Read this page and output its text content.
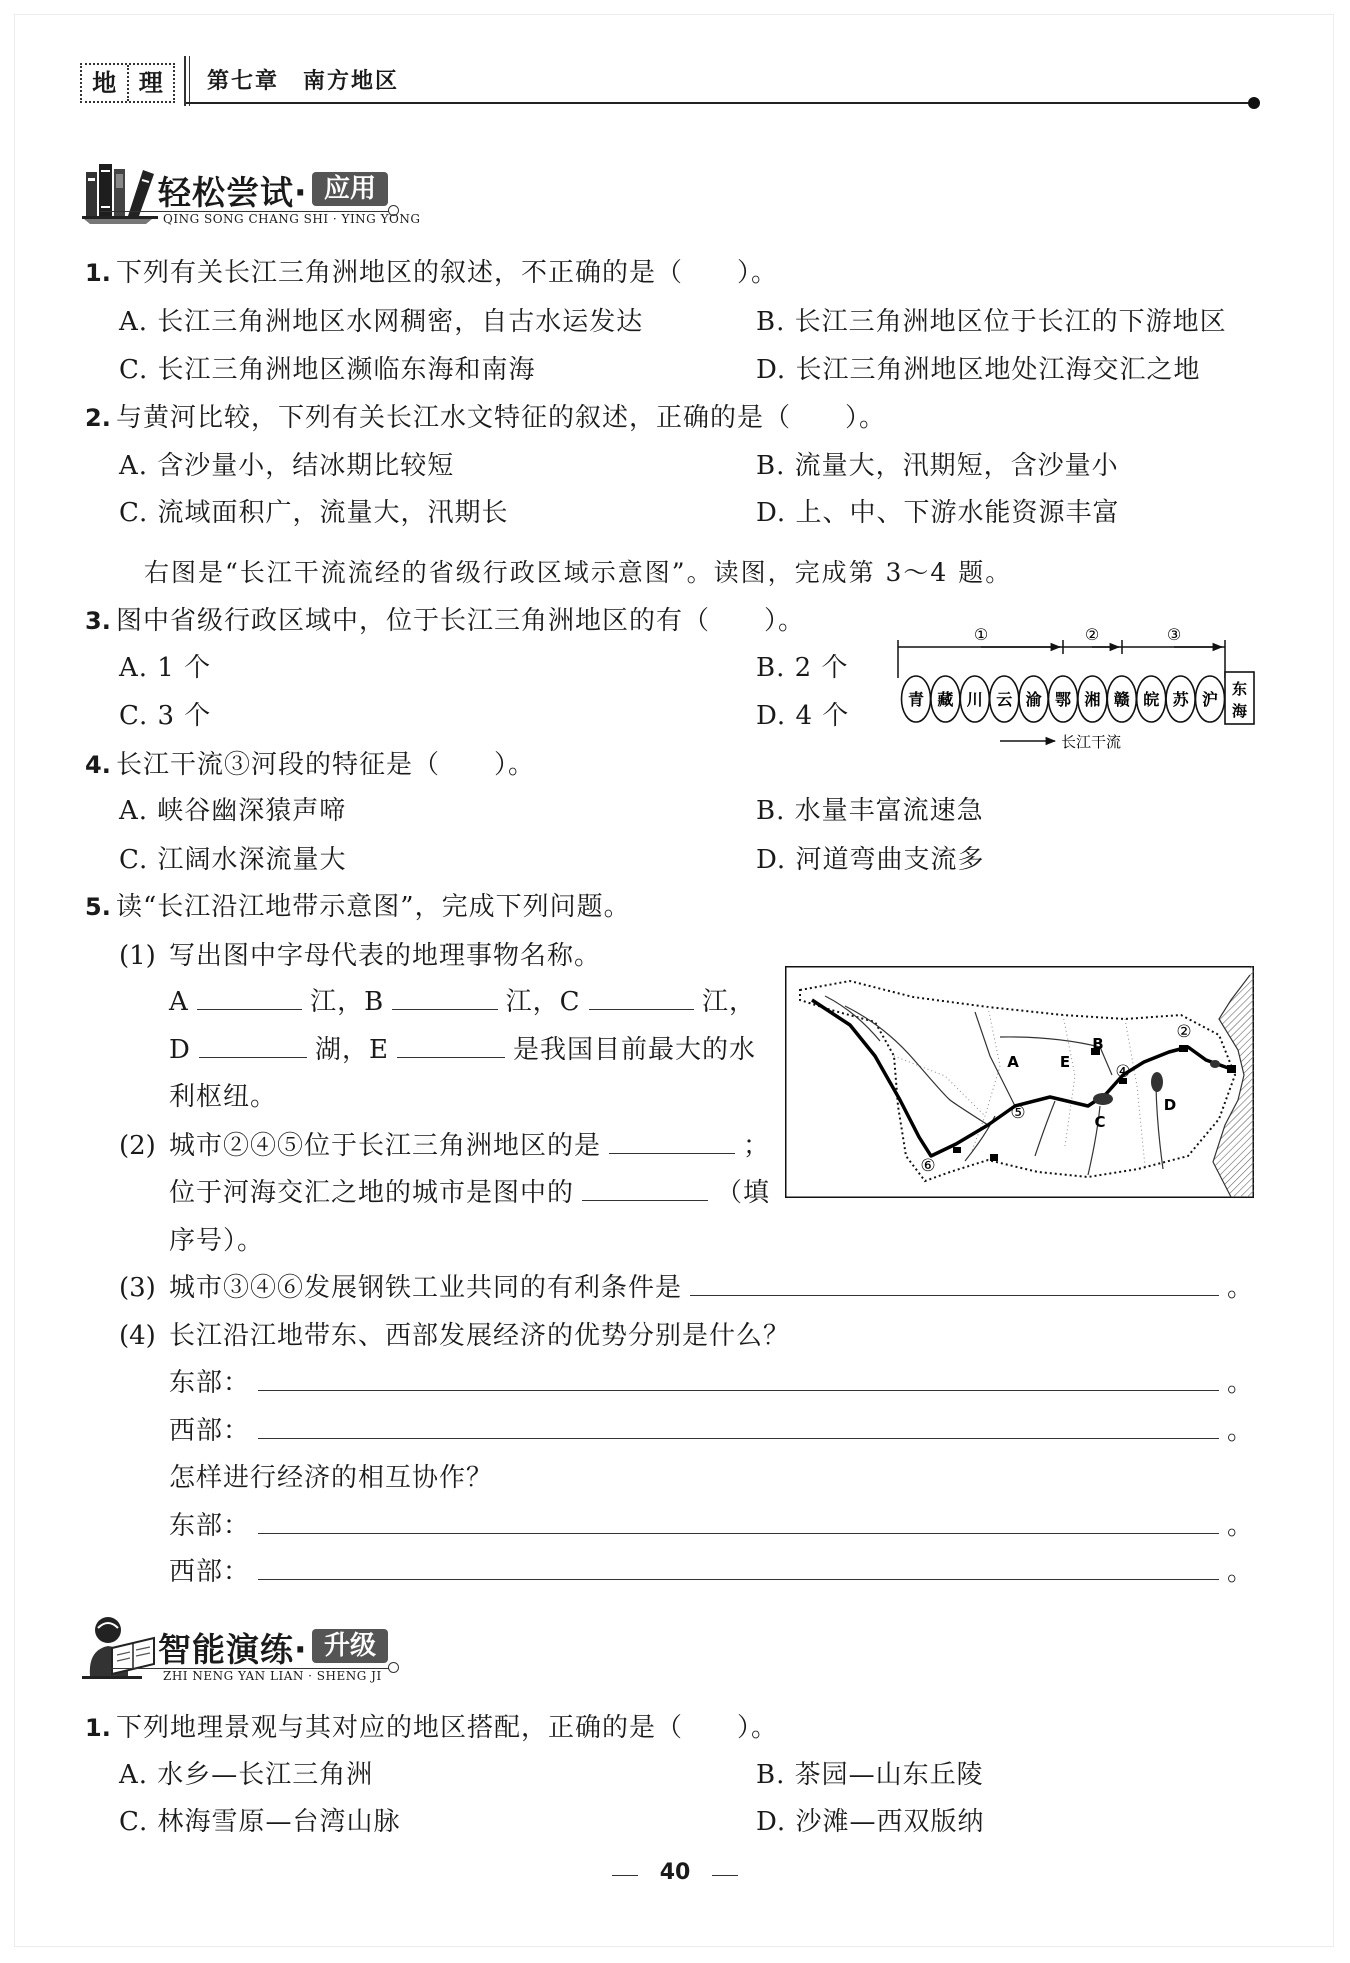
地 理	第七章　南方地区
轻松尝试· 应用
QING SONG CHANG SHI · YING YONG
1. 下列有关长江三角洲地区的叙述，不正确的是（　　）。
A. 长江三角洲地区水网稠密，自古水运发达	B. 长江三角洲地区位于长江的下游地区
C. 长江三角洲地区濒临东海和南海	D. 长江三角洲地区地处江海交汇之地
2. 与黄河比较，下列有关长江水文特征的叙述，正确的是（　　）。
A. 含沙量小，结冰期比较短	B. 流量大，汛期短，含沙量小
C. 流域面积广，流量大，汛期长	D. 上、中、下游水能资源丰富
右图是“长江干流流经的省级行政区域示意图”。读图，完成第 3～4 题。
3. 图中省级行政区域中，位于长江三角洲地区的有（　　）。
A. 1 个	B. 2 个
C. 3 个	D. 4 个
①	②	③
青 藏 川 云 渝 鄂 湘 赣 皖 苏 沪
东
海
长江干流
4. 长江干流③河段的特征是（　　）。
A. 峡谷幽深猿声啼	B. 水量丰富流速急
C. 江阔水深流量大	D. 河道弯曲支流多
5. 读“长江沿江地带示意图”，完成下列问题。
(1) 写出图中字母代表的地理事物名称。
A	江，B	江，C	江，
D	湖，E	是我国目前最大的水
利枢纽。
(2) 城市②④⑤位于长江三角洲地区的是	；
位于河海交汇之地的城市是图中的	（填
序号）。
A
B
C
D
E
②
④
⑤
⑥
(3) 城市③④⑥发展钢铁工业共同的有利条件是	。
(4) 长江沿江地带东、西部发展经济的优势分别是什么？
东部：	。
西部：	。
怎样进行经济的相互协作？
东部：	。
西部：	。
智能演练· 升级
ZHI NENG YAN LIAN · SHENG JI
1. 下列地理景观与其对应的地区搭配，正确的是（　　）。
A. 水乡—长江三角洲	B. 茶园—山东丘陵
C. 林海雪原—台湾山脉	D. 沙滩—西双版纳
40
